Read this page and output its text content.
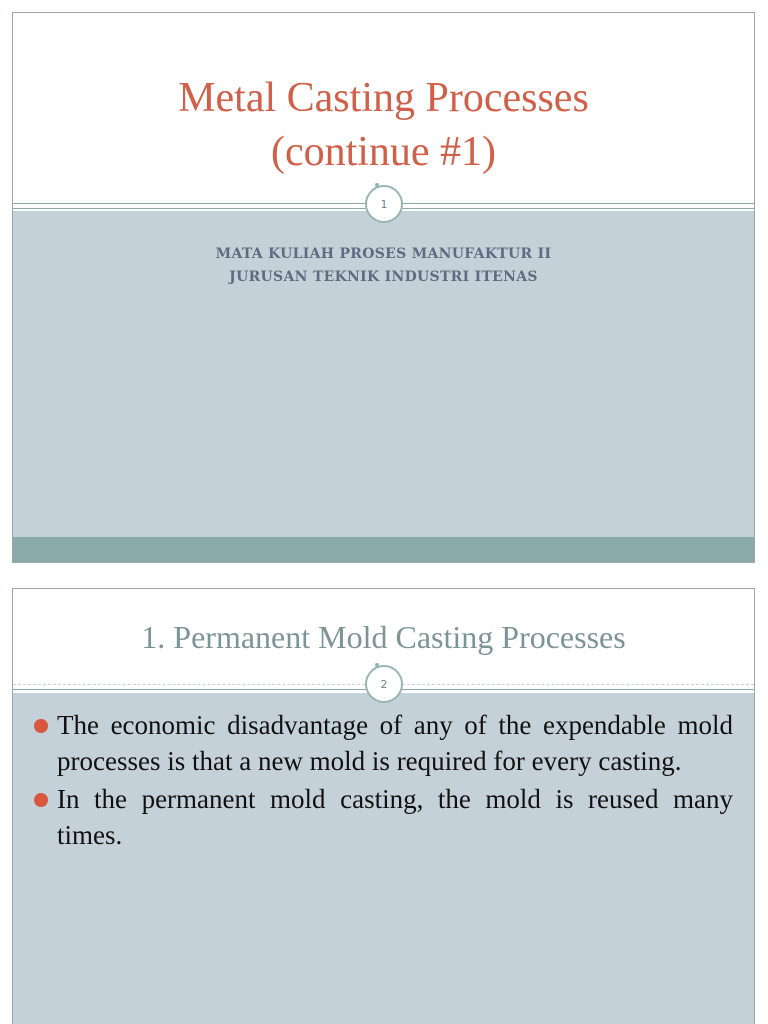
Metal Casting Processes
(continue #1)
MATA KULIAH PROSES MANUFAKTUR II
JURUSAN TEKNIK INDUSTRI ITENAS
1
1. Permanent Mold Casting Processes
2
The economic disadvantage of any of the expendable mold processes is that a new mold is required for every casting.
In the permanent mold casting, the mold is reused many times.
